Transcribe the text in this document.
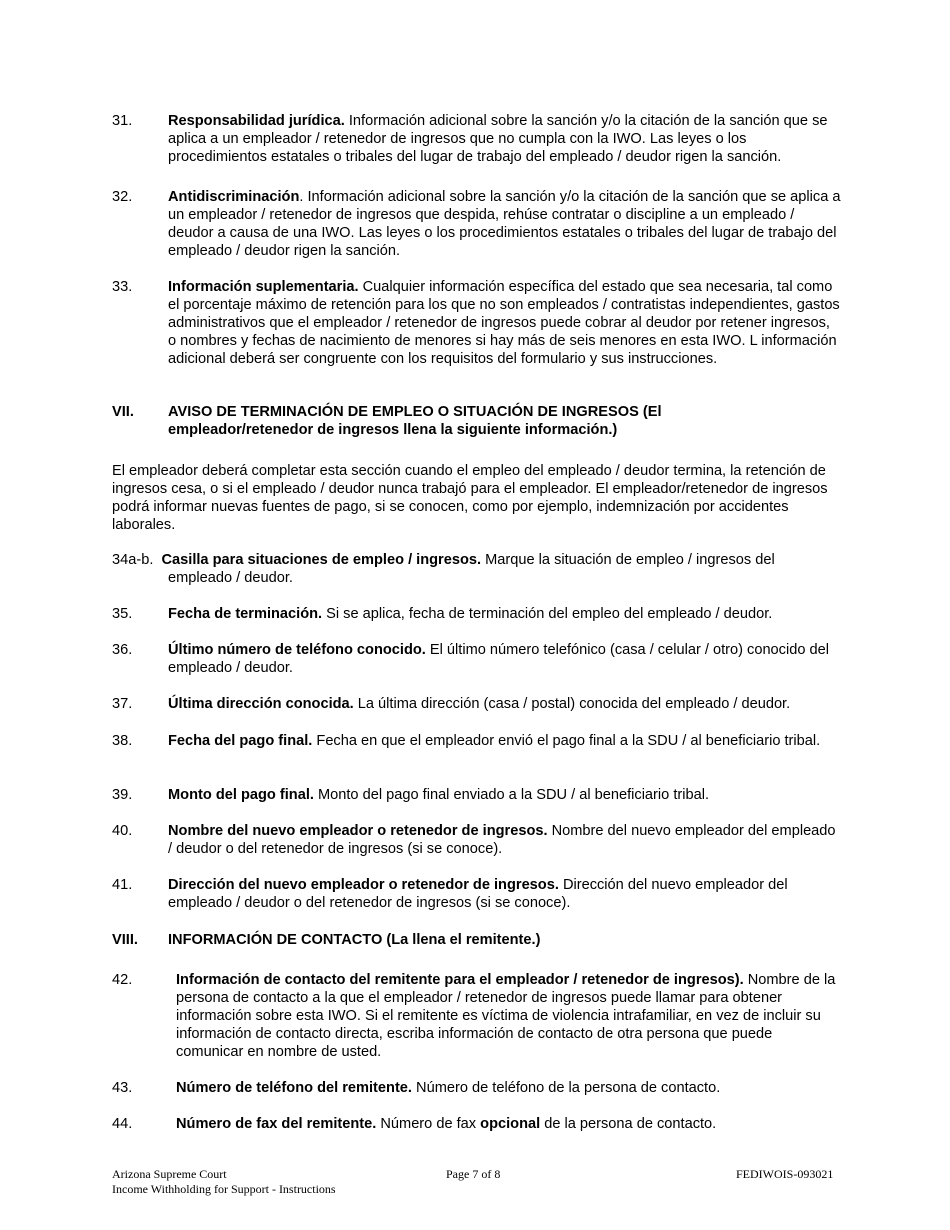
31. Responsabilidad jurídica. Información adicional sobre la sanción y/o la citación de la sanción que se aplica a un empleador / retenedor de ingresos que no cumpla con la IWO. Las leyes o los procedimientos estatales o tribales del lugar de trabajo del empleado / deudor rigen la sanción.
32. Antidiscriminación. Información adicional sobre la sanción y/o la citación de la sanción que se aplica a un empleador / retenedor de ingresos que despida, rehúse contratar o discipline a un empleado / deudor a causa de una IWO. Las leyes o los procedimientos estatales o tribales del lugar de trabajo del empleado / deudor rigen la sanción.
33. Información suplementaria. Cualquier información específica del estado que sea necesaria, tal como el porcentaje máximo de retención para los que no son empleados / contratistas independientes, gastos administrativos que el empleador / retenedor de ingresos puede cobrar al deudor por retener ingresos, o nombres y fechas de nacimiento de menores si hay más de seis menores en esta IWO. L información adicional deberá ser congruente con los requisitos del formulario y sus instrucciones.
VII. AVISO DE TERMINACIÓN DE EMPLEO O SITUACIÓN DE INGRESOS (El
empleador/retenedor de ingresos llena la siguiente información.)
El empleador deberá completar esta sección cuando el empleo del empleado / deudor termina, la retención de ingresos cesa, o si el empleado / deudor nunca trabajó para el empleador. El empleador/retenedor de ingresos podrá informar nuevas fuentes de pago, si se conocen, como por ejemplo, indemnización por accidentes laborales.
34a-b. Casilla para situaciones de empleo / ingresos. Marque la situación de empleo / ingresos del
empleado / deudor.
35. Fecha de terminación. Si se aplica, fecha de terminación del empleo del empleado / deudor.
36. Último número de teléfono conocido. El último número telefónico (casa / celular / otro) conocido del empleado / deudor.
37. Última dirección conocida. La última dirección (casa / postal) conocida del empleado / deudor.
38. Fecha del pago final. Fecha en que el empleador envió el pago final a la SDU / al beneficiario tribal.
39. Monto del pago final. Monto del pago final enviado a la SDU / al beneficiario tribal.
40. Nombre del nuevo empleador o retenedor de ingresos. Nombre del nuevo empleador del empleado / deudor o del retenedor de ingresos (si se conoce).
41. Dirección del nuevo empleador o retenedor de ingresos. Dirección del nuevo empleador del empleado / deudor o del retenedor de ingresos (si se conoce).
VIII. INFORMACIÓN DE CONTACTO (La llena el remitente.)
42.	Información de contacto del remitente para el empleador / retenedor de ingresos). Nombre de la persona de contacto a la que el empleador / retenedor de ingresos puede llamar para obtener información sobre esta IWO. Si el remitente es víctima de violencia intrafamiliar, en vez de incluir su información de contacto directa, escriba información de contacto de otra persona que puede comunicar en nombre de usted.
43.	Número de teléfono del remitente. Número de teléfono de la persona de contacto.
44.	Número de fax del remitente. Número de fax opcional de la persona de contacto.
Arizona Supreme Court
Income Withholding for Support - Instructions
Page 7 of 8	FEDIWOIS-093021
